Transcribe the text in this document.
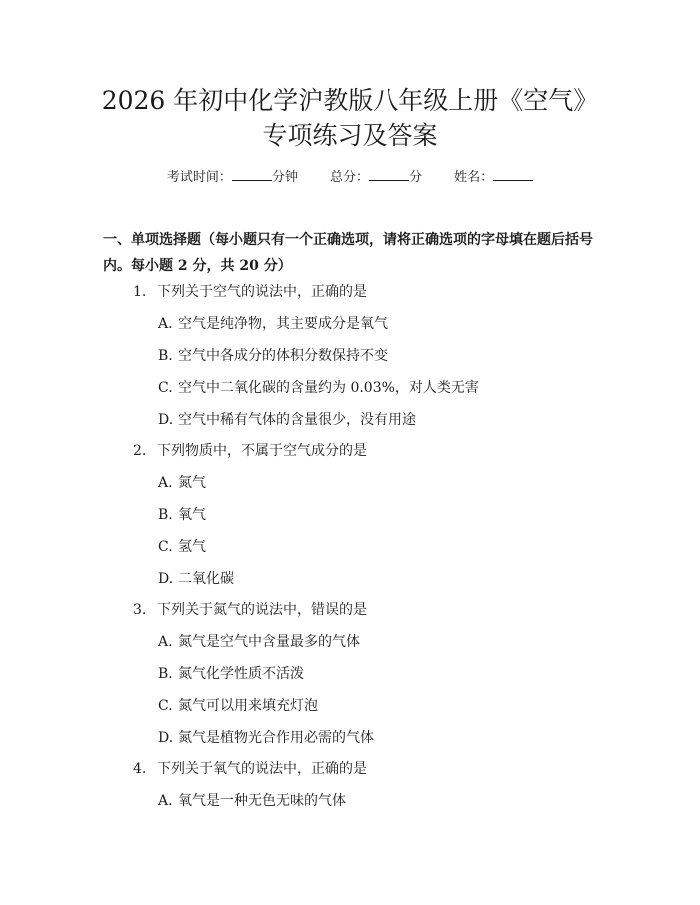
2026 年初中化学沪教版八年级上册《空气》
专项练习及答案
考试时间：	分钟 总分：	分 姓名：
一、单项选择题（每小题只有一个正确选项，请将正确选项的字母填在题后括号内。每小题 2 分，共 20 分）
1. 下列关于空气的说法中，正确的是
A. 空气是纯净物，其主要成分是氧气
B. 空气中各成分的体积分数保持不变
C. 空气中二氧化碳的含量约为 0.03%，对人类无害
D. 空气中稀有气体的含量很少，没有用途
2. 下列物质中，不属于空气成分的是
A. 氮气
B. 氧气
C. 氢气
D. 二氧化碳
3. 下列关于氮气的说法中，错误的是
A. 氮气是空气中含量最多的气体
B. 氮气化学性质不活泼
C. 氮气可以用来填充灯泡
D. 氮气是植物光合作用必需的气体
4. 下列关于氧气的说法中，正确的是
A. 氧气是一种无色无味的气体
